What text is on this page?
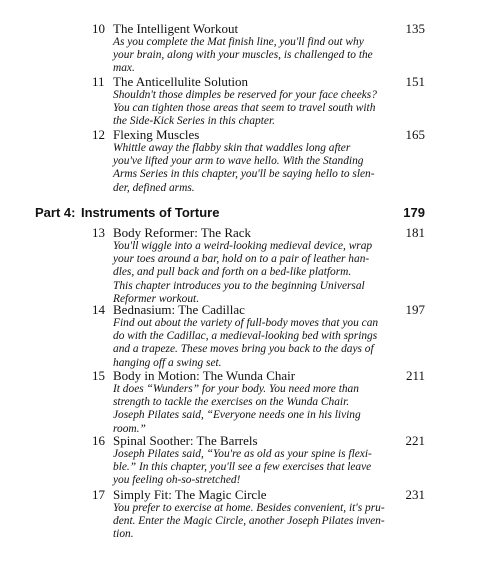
10 The Intelligent Workout	135
As you complete the Mat finish line, you'll find out why
your brain, along with your muscles, is challenged to the
max.
11 The Anticellulite Solution	151
Shouldn't those dimples be reserved for your face cheeks?
You can tighten those areas that seem to travel south with
the Side-Kick Series in this chapter.
12 Flexing Muscles	165
Whittle away the flabby skin that waddles long after
you've lifted your arm to wave hello. With the Standing
Arms Series in this chapter, you'll be saying hello to slen-
der, defined arms.
Part 4: Instruments of Torture	179
13 Body Reformer: The Rack	181
You'll wiggle into a weird-looking medieval device, wrap
your toes around a bar, hold on to a pair of leather han-
dles, and pull back and forth on a bed-like platform.
This chapter introduces you to the beginning Universal
Reformer workout.
14 Bednasium: The Cadillac	197
Find out about the variety of full-body moves that you can
do with the Cadillac, a medieval-looking bed with springs
and a trapeze. These moves bring you back to the days of
hanging off a swing set.
15 Body in Motion: The Wunda Chair	211
It does “Wunders” for your body. You need more than
strength to tackle the exercises on the Wunda Chair.
Joseph Pilates said, “Everyone needs one in his living
room.”
16 Spinal Soother: The Barrels	221
Joseph Pilates said, “You're as old as your spine is flexi-
ble.” In this chapter, you'll see a few exercises that leave
you feeling oh-so-stretched!
17 Simply Fit: The Magic Circle	231
You prefer to exercise at home. Besides convenient, it's pru-
dent. Enter the Magic Circle, another Joseph Pilates inven-
tion.
